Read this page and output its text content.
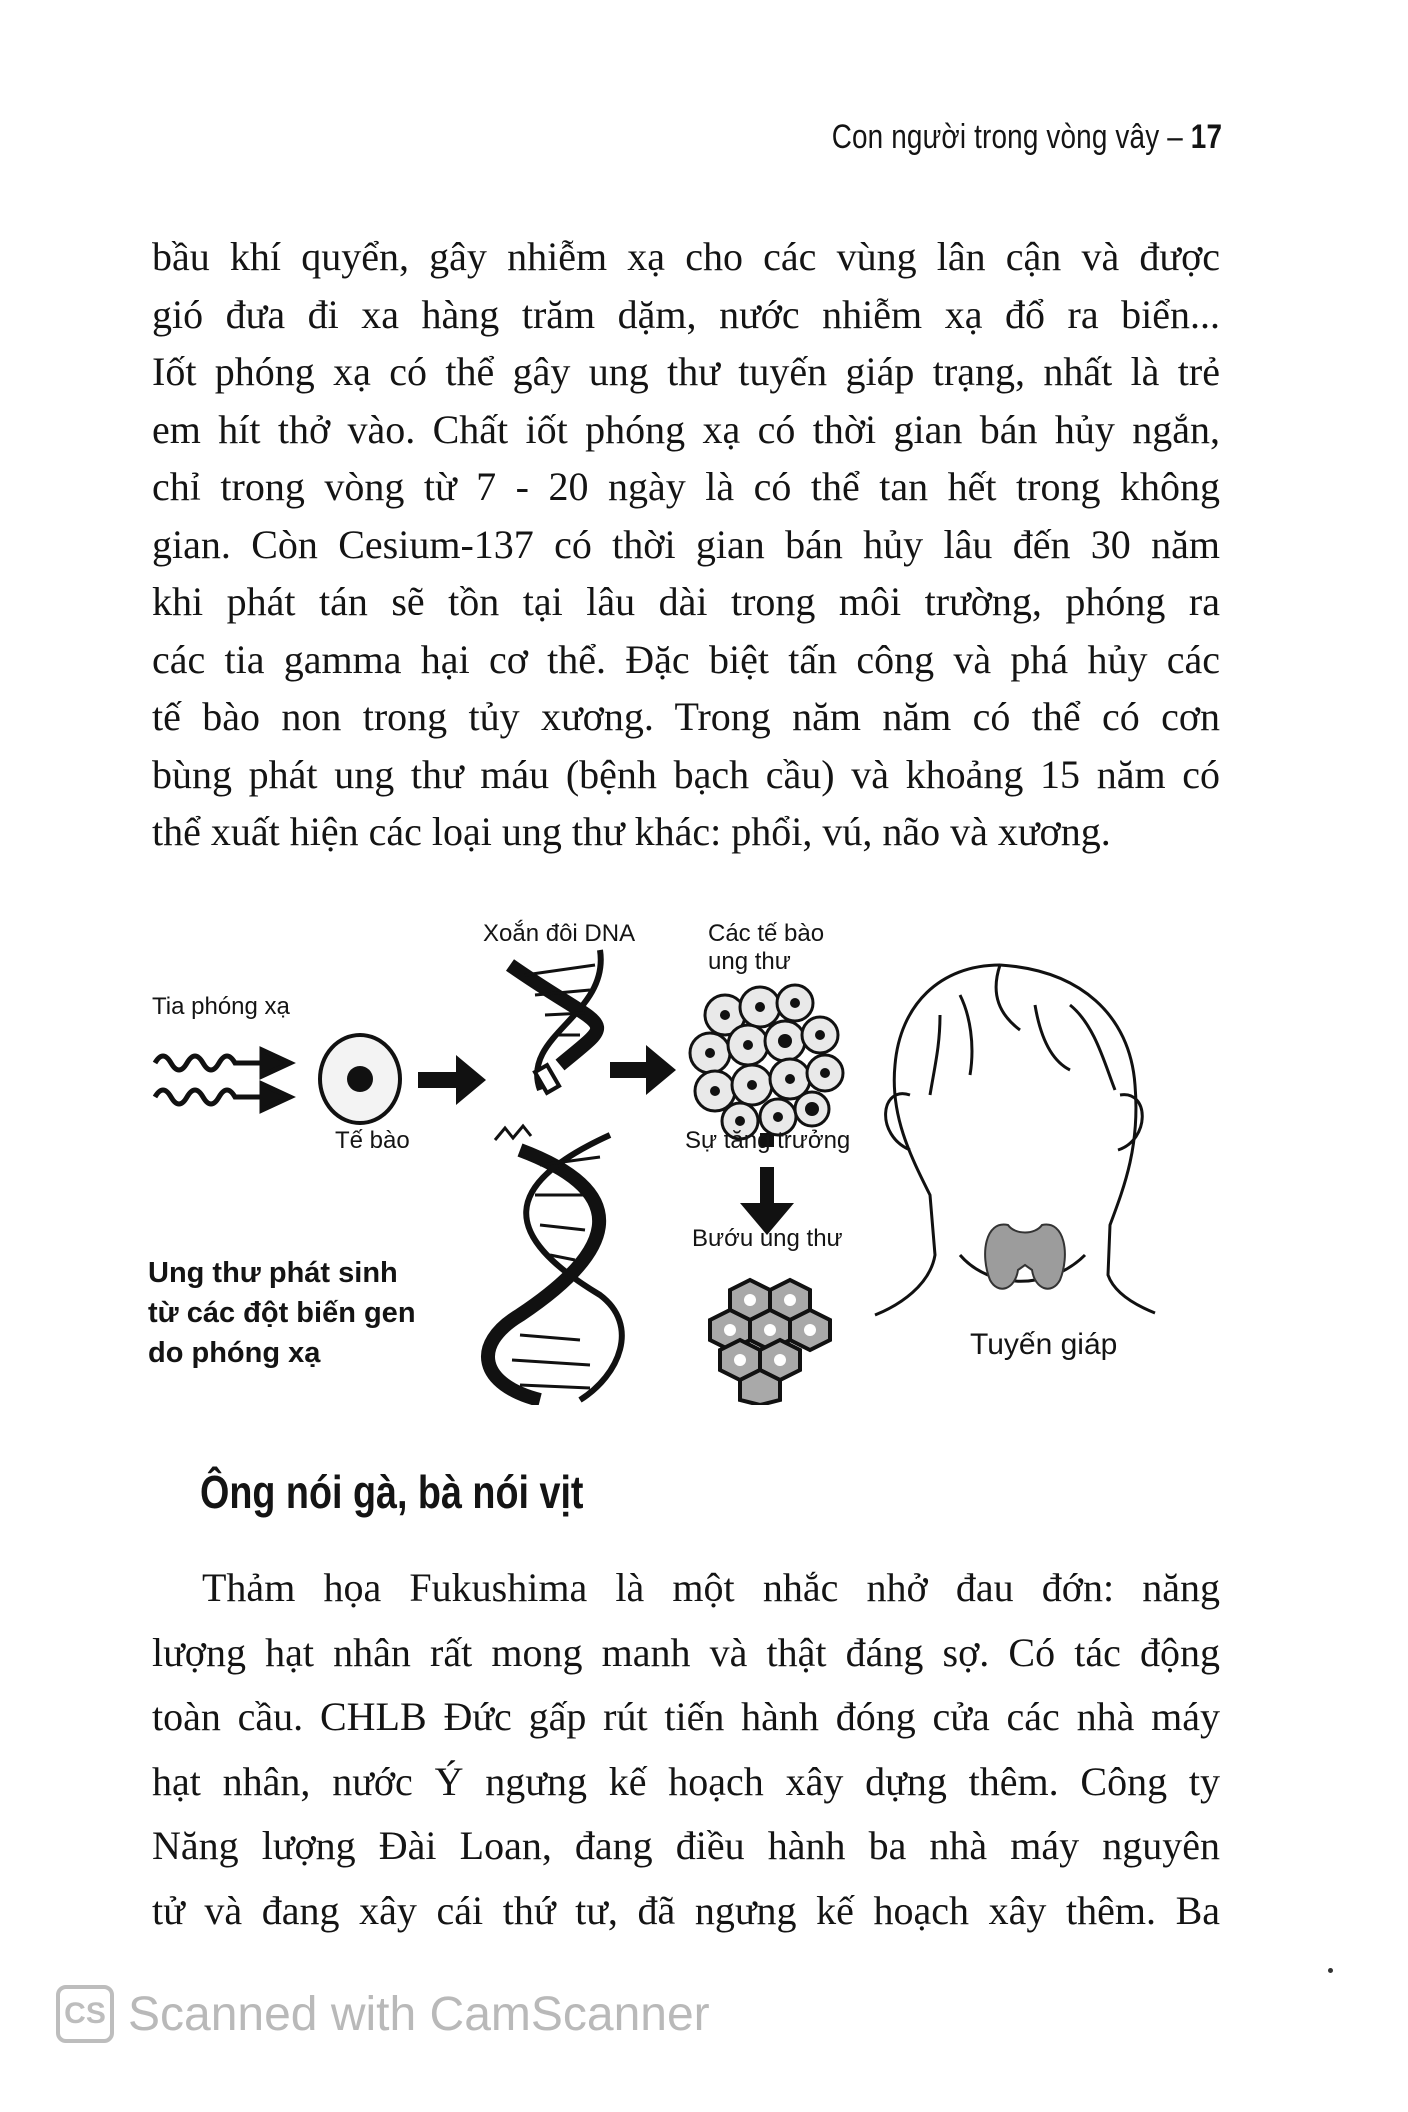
Con người trong vòng vây – 17
bầu khí quyển, gây nhiễm xạ cho các vùng lân cận và được
gió đưa đi xa hàng trăm dặm, nước nhiễm xạ đổ ra biển...
Iốt phóng xạ có thể gây ung thư tuyến giáp trạng, nhất là trẻ
em hít thở vào. Chất iốt phóng xạ có thời gian bán hủy ngắn,
chỉ trong vòng từ 7 - 20 ngày là có thể tan hết trong không
gian. Còn Cesium-137 có thời gian bán hủy lâu đến 30 năm
khi phát tán sẽ tồn tại lâu dài trong môi trường, phóng ra
các tia gamma hại cơ thể. Đặc biệt tấn công và phá hủy các
tế bào non trong tủy xương. Trong năm năm có thể có cơn
bùng phát ung thư máu (bệnh bạch cầu) và khoảng 15 năm có
thể xuất hiện các loại ung thư khác: phổi, vú, não và xương.
Tia phóng xạ
Tế bào
Xoắn đôi DNA	Các tế bào ung thư
Sự tăng trưởng
Bướu ung thư
Tuyến giáp
Ung thư phát sinh từ các đột biến gen do phóng xạ
Ông nói gà, bà nói vịt
Thảm họa Fukushima là một nhắc nhở đau đớn: năng
lượng hạt nhân rất mong manh và thật đáng sợ. Có tác động
toàn cầu. CHLB Đức gấp rút tiến hành đóng cửa các nhà máy
hạt nhân, nước Ý ngưng kế hoạch xây dựng thêm. Công ty
Năng lượng Đài Loan, đang điều hành ba nhà máy nguyên
tử và đang xây cái thứ tư, đã ngưng kế hoạch xây thêm. Ba
CS Scanned with CamScanner
